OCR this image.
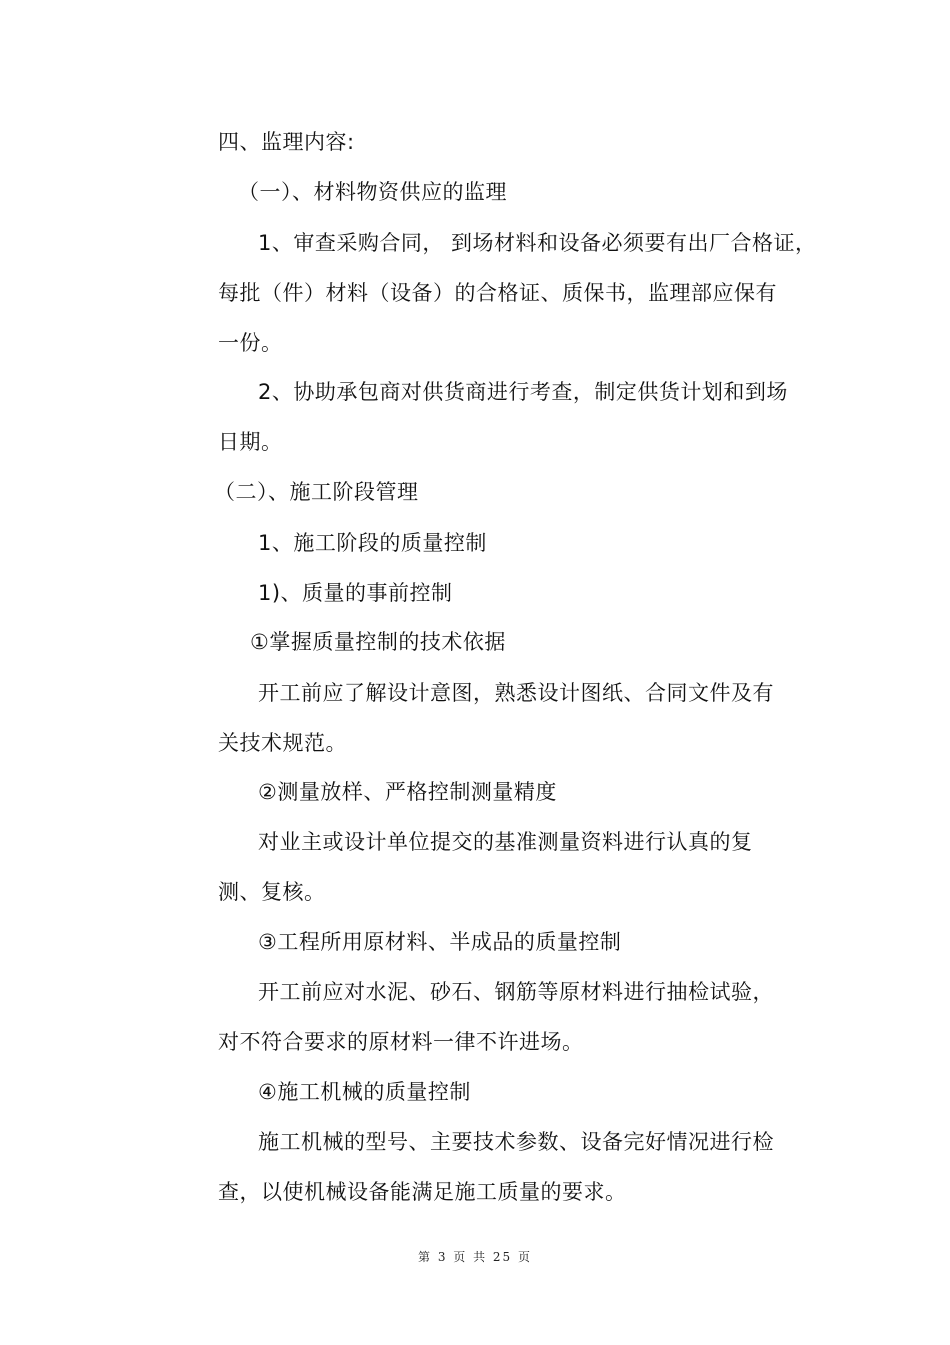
四、监理内容:
（一）、材料物资供应的监理
1、审查采购合同， 到场材料和设备必须要有出厂合格证，
每批（件）材料（设备）的合格证、质保书，监理部应保有
一份。
2、协助承包商对供货商进行考查，制定供货计划和到场
日期。
（二）、施工阶段管理
1、施工阶段的质量控制
1)、质量的事前控制
①掌握质量控制的技术依据
开工前应了解设计意图，熟悉设计图纸、合同文件及有
关技术规范。
②测量放样、严格控制测量精度
对业主或设计单位提交的基准测量资料进行认真的复
测、复核。
③工程所用原材料、半成品的质量控制
开工前应对水泥、砂石、钢筋等原材料进行抽检试验，
对不符合要求的原材料一律不许进场。
④施工机械的质量控制
施工机械的型号、主要技术参数、设备完好情况进行检
查，以使机械设备能满足施工质量的要求。
第 3 页 共 25 页
